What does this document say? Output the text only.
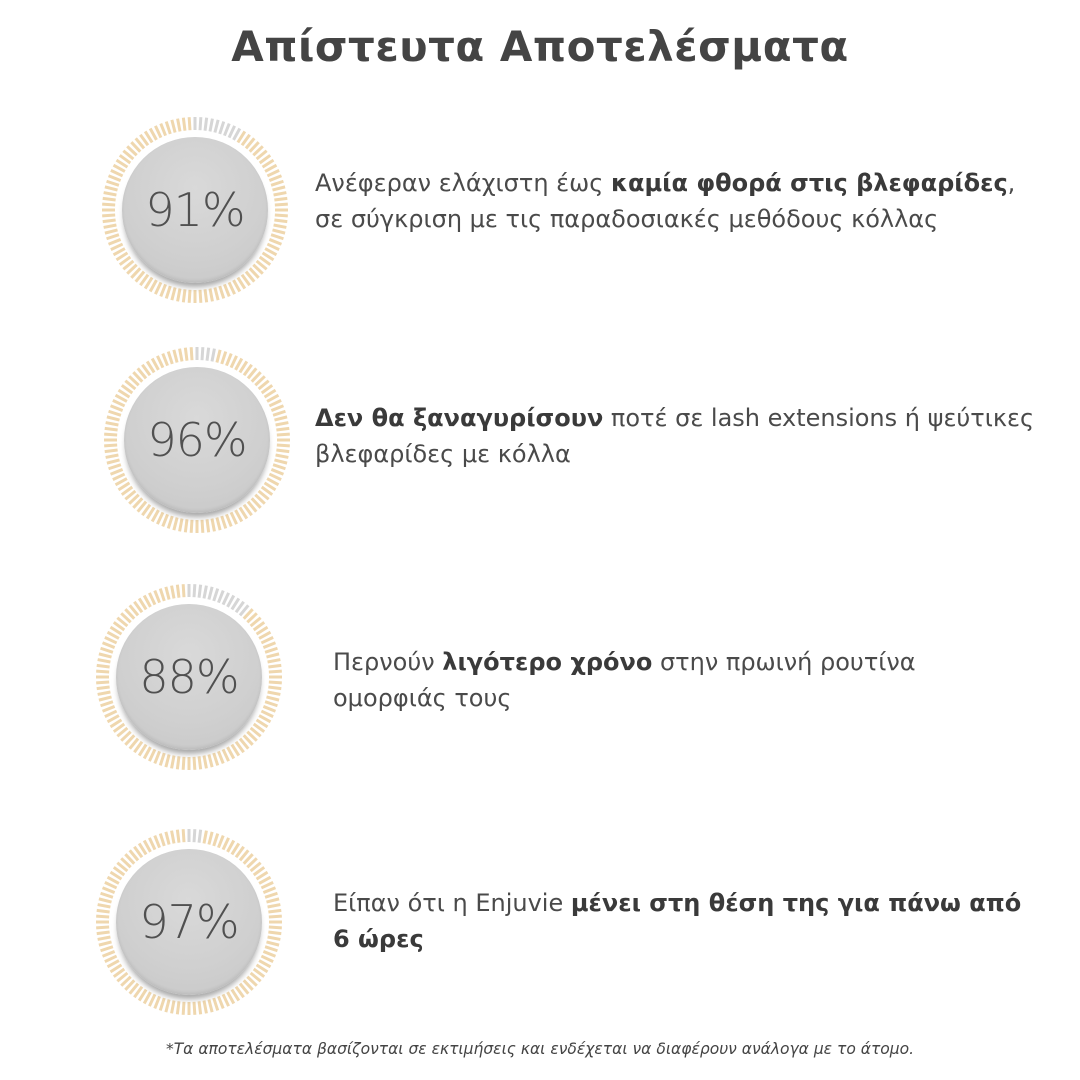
Απίστευτα Αποτελέσματα
91%	Ανέφεραν ελάχιστη έως καμία φθορά στις βλεφαρίδες,
σε σύγκριση με τις παραδοσιακές μεθόδους κόλλας
96%	Δεν θα ξαναγυρίσουν ποτέ σε lash extensions ή ψεύτικες
βλεφαρίδες με κόλλα
88%	Περνούν λιγότερο χρόνο στην πρωινή ρουτίνα
ομορφιάς τους
97%	Είπαν ότι η Enjuvie μένει στη θέση της για πάνω από
6 ώρες
*Τα αποτελέσματα βασίζονται σε εκτιμήσεις και ενδέχεται να διαφέρουν ανάλογα με το άτομο.
